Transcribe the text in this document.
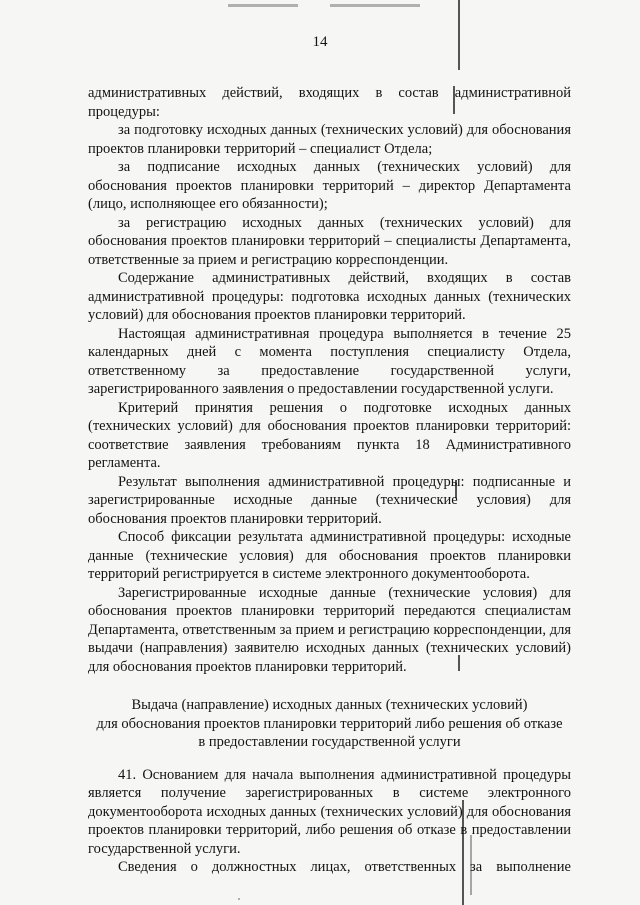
14

административных действий, входящих в состав административной процедуры:

за подготовку исходных данных (технических условий) для обоснования проектов планировки территорий – специалист Отдела;

за подписание исходных данных (технических условий) для обоснования проектов планировки территорий – директор Департамента (лицо, исполняющее его обязанности);

за регистрацию исходных данных (технических условий) для обоснования проектов планировки территорий – специалисты Департамента, ответственные за прием и регистрацию корреспонденции.

Содержание административных действий, входящих в состав административной процедуры: подготовка исходных данных (технических условий) для обоснования проектов планировки территорий.

Настоящая административная процедура выполняется в течение 25 календарных дней с момента поступления специалисту Отдела, ответственному за предоставление государственной услуги, зарегистрированного заявления о предоставлении государственной услуги.

Критерий принятия решения о подготовке исходных данных (технических условий) для обоснования проектов планировки территорий: соответствие заявления требованиям пункта 18 Административного регламента.

Результат выполнения административной процедуры: подписанные и зарегистрированные исходные данные (технические условия) для обоснования проектов планировки территорий.

Способ фиксации результата административной процедуры: исходные данные (технические условия) для обоснования проектов планировки территорий регистрируется в системе электронного документооборота.

Зарегистрированные исходные данные (технические условия) для обоснования проектов планировки территорий передаются специалистам Департамента, ответственным за прием и регистрацию корреспонденции, для выдачи (направления) заявителю исходных данных (технических условий) для обоснования проектов планировки территорий.

Выдача (направление) исходных данных (технических условий)
для обоснования проектов планировки территорий либо решения об отказе
в предоставлении государственной услуги

41. Основанием для начала выполнения административной процедуры является получение зарегистрированных в системе электронного документооборота исходных данных (технических условий) для обоснования проектов планировки территорий, либо решения об отказе в предоставлении государственной услуги.

Сведения о должностных лицах, ответственных за выполнение
